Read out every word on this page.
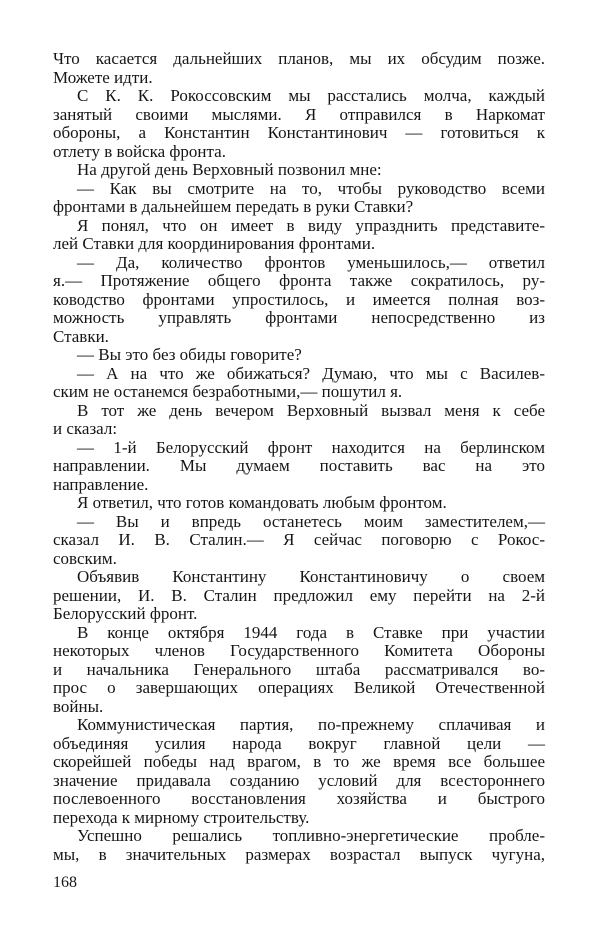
Что касается дальнейших планов, мы их обсудим позже.
Можете идти.
С К. К. Рокоссовским мы расстались молча, каждый
занятый своими мыслями. Я отправился в Наркомат
обороны, а Константин Константинович — готовиться к
отлету в войска фронта.
На другой день Верховный позвонил мне:
— Как вы смотрите на то, чтобы руководство всеми
фронтами в дальнейшем передать в руки Ставки?
Я понял, что он имеет в виду упразднить представите-
лей Ставки для координирования фронтами.
— Да, количество фронтов уменьшилось,— ответил
я.— Протяжение общего фронта также сократилось, ру-
ководство фронтами упростилось, и имеется полная воз-
можность управлять фронтами непосредственно из
Ставки.
— Вы это без обиды говорите?
— А на что же обижаться? Думаю, что мы с Василев-
ским не останемся безработными,— пошутил я.
В тот же день вечером Верховный вызвал меня к себе
и сказал:
— 1-й Белорусский фронт находится на берлинском
направлении. Мы думаем поставить вас на это
направление.
Я ответил, что готов командовать любым фронтом.
— Вы и впредь останетесь моим заместителем,—
сказал И. В. Сталин.— Я сейчас поговорю с Рокос-
совским.
Объявив Константину Константиновичу о своем
решении, И. В. Сталин предложил ему перейти на 2-й
Белорусский фронт.
В конце октября 1944 года в Ставке при участии
некоторых членов Государственного Комитета Обороны
и начальника Генерального штаба рассматривался во-
прос о завершающих операциях Великой Отечественной
войны.
Коммунистическая партия, по-прежнему сплачивая и
объединяя усилия народа вокруг главной цели —
скорейшей победы над врагом, в то же время все большее
значение придавала созданию условий для всестороннего
послевоенного восстановления хозяйства и быстрого
перехода к мирному строительству.
Успешно решались топливно-энергетические пробле-
мы, в значительных размерах возрастал выпуск чугуна,
168
